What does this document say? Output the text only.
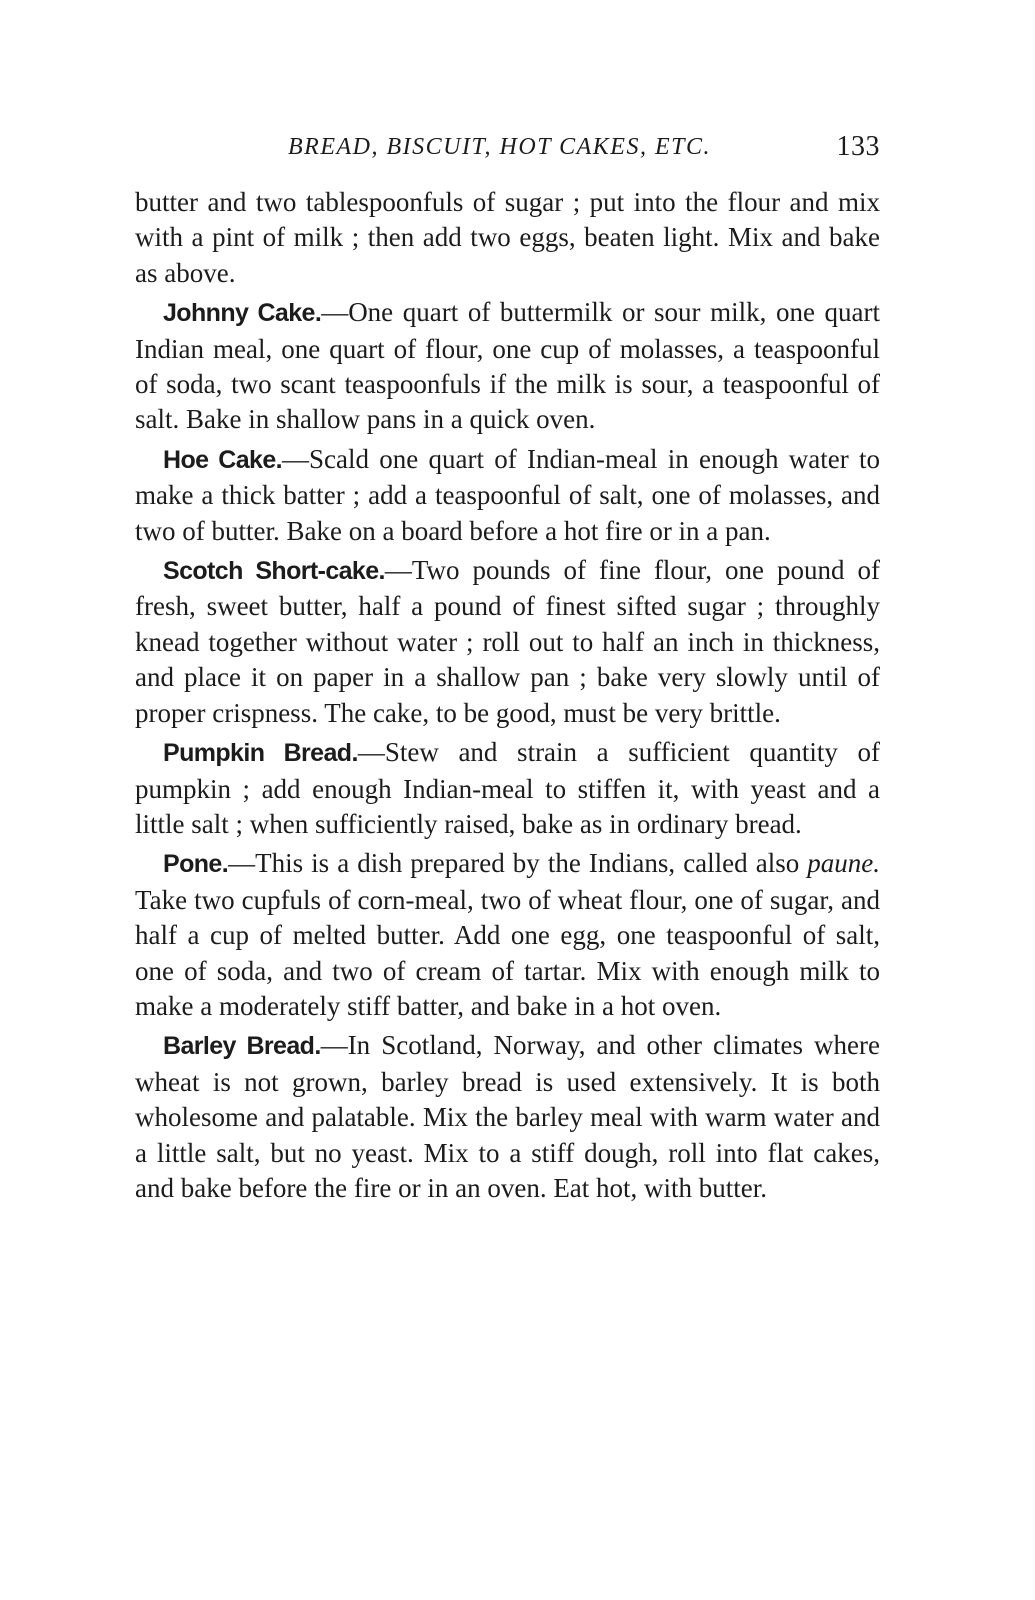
BREAD, BISCUIT, HOT CAKES, ETC.	133

butter and two tablespoonfuls of sugar ; put into the flour and mix with a pint of milk ; then add two eggs, beaten light. Mix and bake as above.

Johnny Cake.—One quart of buttermilk or sour milk, one quart Indian meal, one quart of flour, one cup of molasses, a teaspoonful of soda, two scant teaspoonfuls if the milk is sour, a teaspoonful of salt. Bake in shallow pans in a quick oven.

Hoe Cake.—Scald one quart of Indian-meal in enough water to make a thick batter ; add a teaspoonful of salt, one of molasses, and two of butter. Bake on a board before a hot fire or in a pan.

Scotch Short-cake.—Two pounds of fine flour, one pound of fresh, sweet butter, half a pound of finest sifted sugar ; throughly knead together without water ; roll out to half an inch in thickness, and place it on paper in a shallow pan ; bake very slowly until of proper crispness. The cake, to be good, must be very brittle.

Pumpkin Bread.—Stew and strain a sufficient quantity of pumpkin ; add enough Indian-meal to stiffen it, with yeast and a little salt ; when sufficiently raised, bake as in ordinary bread.

Pone.—This is a dish prepared by the Indians, called also paune. Take two cupfuls of corn-meal, two of wheat flour, one of sugar, and half a cup of melted butter. Add one egg, one teaspoonful of salt, one of soda, and two of cream of tartar. Mix with enough milk to make a moderately stiff batter, and bake in a hot oven.

Barley Bread.—In Scotland, Norway, and other climates where wheat is not grown, barley bread is used extensively. It is both wholesome and palatable. Mix the barley meal with warm water and a little salt, but no yeast. Mix to a stiff dough, roll into flat cakes, and bake before the fire or in an oven. Eat hot, with butter.
